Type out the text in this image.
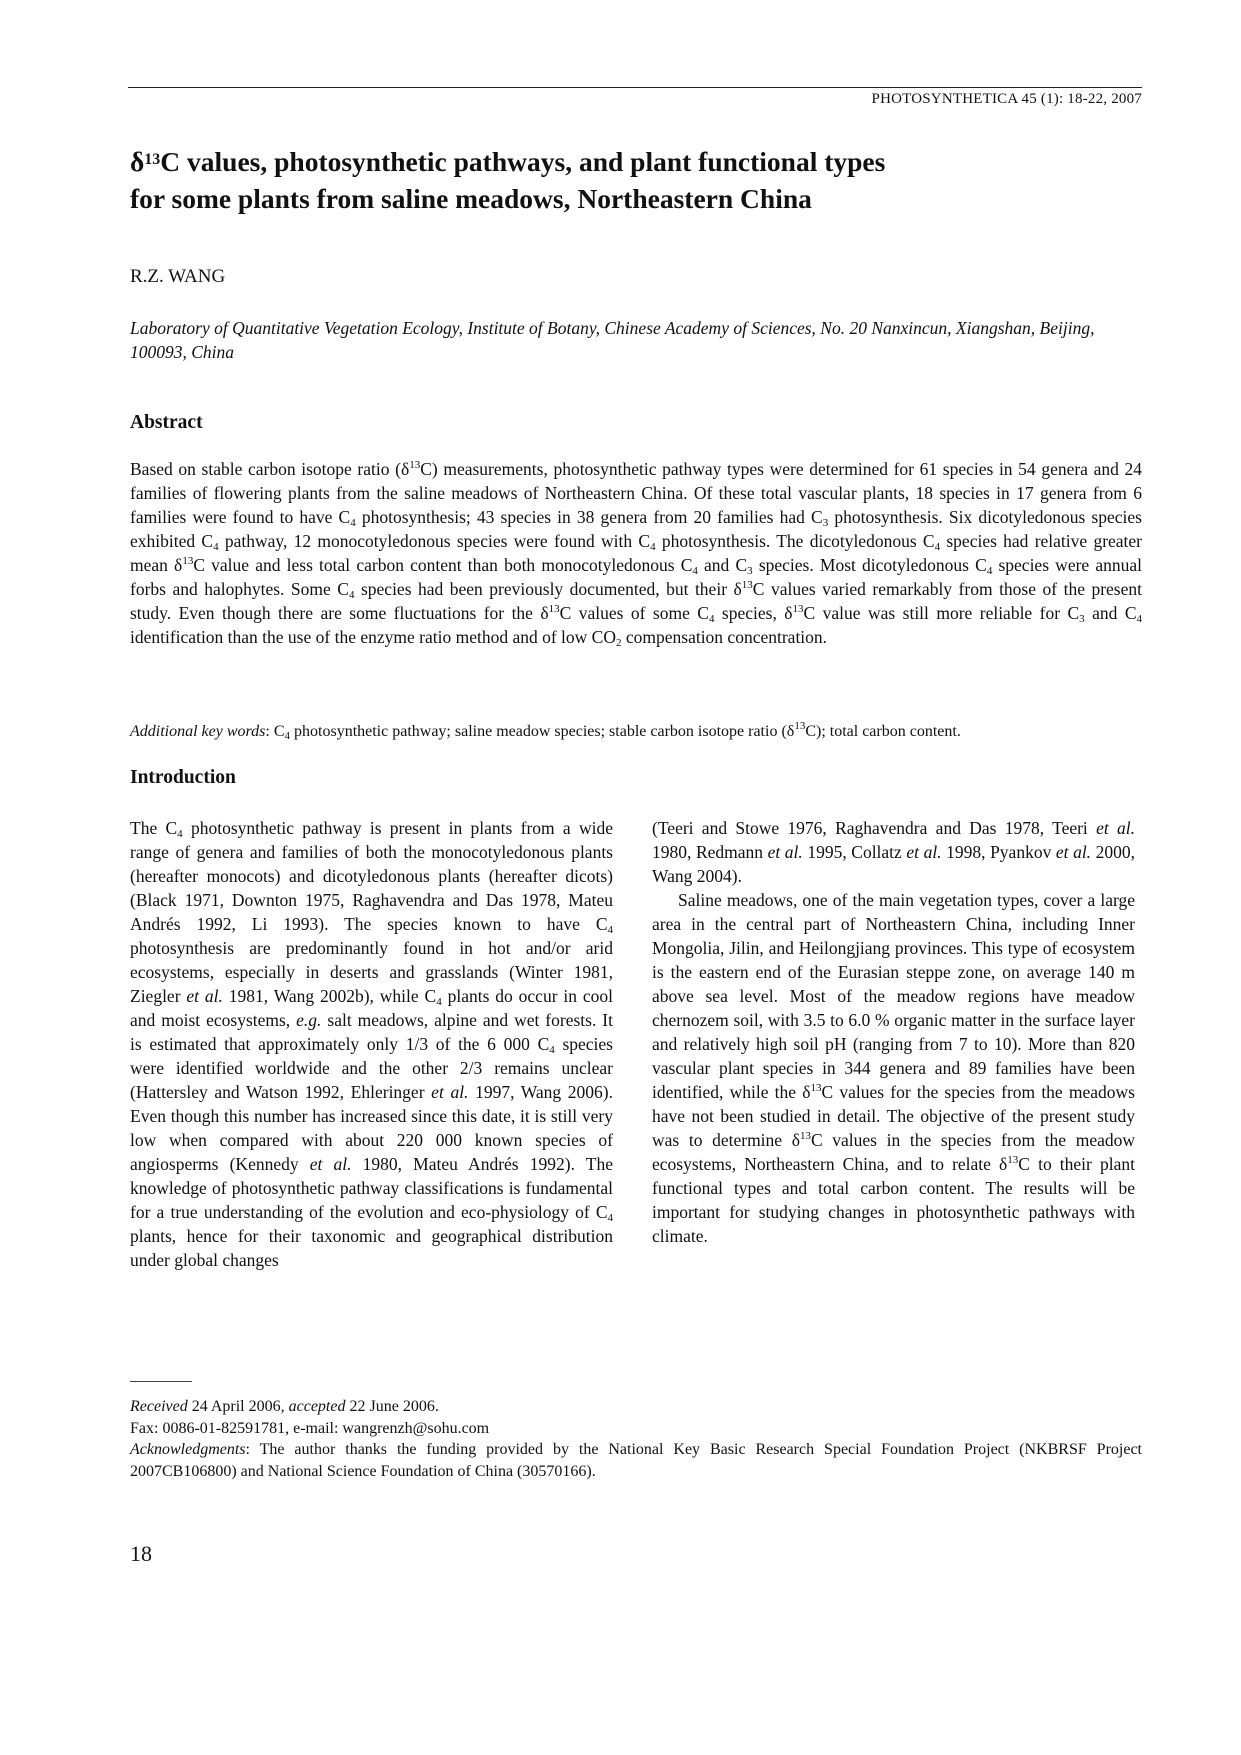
PHOTOSYNTHETICA 45 (1): 18-22, 2007
$\delta^{13}C$ values, photosynthetic pathways, and plant functional types
for some plants from saline meadows, Northeastern China
R.Z. WANG
Laboratory of Quantitative Vegetation Ecology, Institute of Botany, Chinese Academy of Sciences, No. 20 Nanxincun, Xiangshan, Beijing, 100093, China
Abstract
Based on stable carbon isotope ratio $(\delta^{13}C)$ measurements, photosynthetic pathway types were determined for 61 species in 54 genera and 24 families of flowering plants from the saline meadows of Northeastern China. Of these total vascular plants, 18 species in 17 genera from 6 families were found to have $C_4$ photosynthesis; 43 species in 38 genera from 20 families had $C_3$ photosynthesis. Six dicotyledonous species exhibited $C_4$ pathway, 12 monocotyledonous species were found with $C_4$ photosynthesis. The dicotyledonous $C_4$ species had relative greater mean $\delta^{13}C$ value and less total carbon content than both monocotyledonous $C_4$ and $C_3$ species. Most dicotyledonous $C_4$ species were annual forbs and halophytes. Some $C_4$ species had been previously documented, but their $\delta^{13}C$ values varied remarkably from those of the present study. Even though there are some fluctuations for the $\delta^{13}C$ values of some $C_4$ species, $\delta^{13}C$ value was still more reliable for $C_3$ and $C_4$ identification than the use of the enzyme ratio method and of low $CO_2$ compensation concentration.
Additional key words: $C_4$ photosynthetic pathway; saline meadow species; stable carbon isotope ratio $(\delta^{13}C)$; total carbon content.
Introduction

The $C_4$ photosynthetic pathway is present in plants from a wide range of genera and families of both the monocotyledonous plants (hereafter monocots) and dicotyledonous plants (hereafter dicots) (Black 1971, Downton 1975, Raghavendra and Das 1978, Mateu Andrés 1992, Li 1993). The species known to have $C_4$ photosynthesis are predominantly found in hot and/or arid ecosystems, especially in deserts and grasslands (Winter 1981, Ziegler et al. 1981, Wang 2002b), while $C_4$ plants do occur in cool and moist ecosystems, e.g. salt meadows, alpine and wet forests. It is estimated that approximately only 1/3 of the 6 000 $C_4$ species were identified worldwide and the other 2/3 remains unclear (Hattersley and Watson 1992, Ehleringer et al. 1997, Wang 2006). Even though this number has increased since this date, it is still very low when compared with about 220 000 known species of angiosperms (Kennedy et al. 1980, Mateu Andrés 1992). The knowledge of photosynthetic pathway classifications is fundamental for a true understanding of the evolution and eco-physiology of $C_4$ plants, hence for their taxonomic and geographical distribution under global changes

(Teeri and Stowe 1976, Raghavendra and Das 1978, Teeri et al. 1980, Redmann et al. 1995, Collatz et al. 1998, Pyankov et al. 2000, Wang 2004).

Saline meadows, one of the main vegetation types, cover a large area in the central part of Northeastern China, including Inner Mongolia, Jilin, and Heilongjiang provinces. This type of ecosystem is the eastern end of the Eurasian steppe zone, on average 140 m above sea level. Most of the meadow regions have meadow chernozem soil, with 3.5 to 6.0 % organic matter in the surface layer and relatively high soil pH (ranging from 7 to 10). More than 820 vascular plant species in 344 genera and 89 families have been identified, while the $\delta^{13}C$ values for the species from the meadows have not been studied in detail. The objective of the present study was to determine $\delta^{13}C$ values in the species from the meadow ecosystems, Northeastern China, and to relate $\delta^{13}C$ to their plant functional types and total carbon content. The results will be important for studying changes in photosynthetic pathways with climate.

Received 24 April 2006, accepted 22 June 2006.

Fax: 0086-01-82591781, e-mail: wangrenzh@sohu.com

Acknowledgments: The author thanks the funding provided by the National Key Basic Research Special Foundation Project (NKBRSF Project 2007CB106800) and National Science Foundation of China (30570166).

18
